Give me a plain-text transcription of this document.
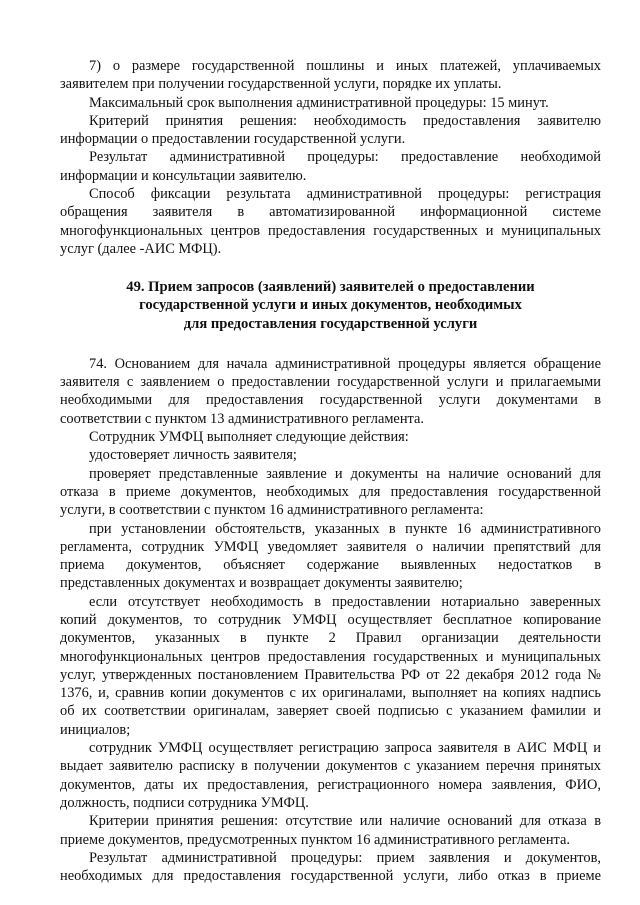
7) о размере государственной пошлины и иных платежей, уплачиваемых
заявителем при получении государственной услуги, порядке их уплаты.
Максимальный срок выполнения административной процедуры: 15 минут.
Критерий принятия решения: необходимость предоставления заявителю
информации о предоставлении государственной услуги.
Результат административной процедуры: предоставление необходимой
информации и консультации заявителю.
Способ фиксации результата административной процедуры: регистрация
обращения заявителя в автоматизированной информационной системе
многофункциональных центров предоставления государственных и муниципальных
услуг (далее -АИС МФЦ).
49. Прием запросов (заявлений) заявителей о предоставлении
государственной услуги и иных документов, необходимых
для предоставления государственной услуги
74. Основанием для начала административной процедуры является обращение
заявителя с заявлением о предоставлении государственной услуги и прилагаемыми
необходимыми для предоставления государственной услуги документами в
соответствии с пунктом 13 административного регламента.
Сотрудник УМФЦ выполняет следующие действия:
удостоверяет личность заявителя;
проверяет представленные заявление и документы на наличие оснований для
отказа в приеме документов, необходимых для предоставления государственной
услуги, в соответствии с пунктом 16 административного регламента:
при установлении обстоятельств, указанных в пункте 16 административного
регламента, сотрудник УМФЦ уведомляет заявителя о наличии препятствий для
приема документов, объясняет содержание выявленных недостатков в
представленных документах и возвращает документы заявителю;
если отсутствует необходимость в предоставлении нотариально заверенных
копий документов, то сотрудник УМФЦ осуществляет бесплатное копирование
документов, указанных в пункте 2 Правил организации деятельности
многофункциональных центров предоставления государственных и муниципальных
услуг, утвержденных постановлением Правительства РФ от 22 декабря 2012 года №
1376, и, сравнив копии документов с их оригиналами, выполняет на копиях надпись
об их соответствии оригиналам, заверяет своей подписью с указанием фамилии и
инициалов;
сотрудник УМФЦ осуществляет регистрацию запроса заявителя в АИС МФЦ и
выдает заявителю расписку в получении документов с указанием перечня принятых
документов, даты их предоставления, регистрационного номера заявления, ФИО,
должность, подписи сотрудника УМФЦ.
Критерии принятия решения: отсутствие или наличие оснований для отказа в
приеме документов, предусмотренных пунктом 16 административного регламента.
Результат административной процедуры: прием заявления и документов,
необходимых для предоставления государственной услуги, либо отказ в приеме
